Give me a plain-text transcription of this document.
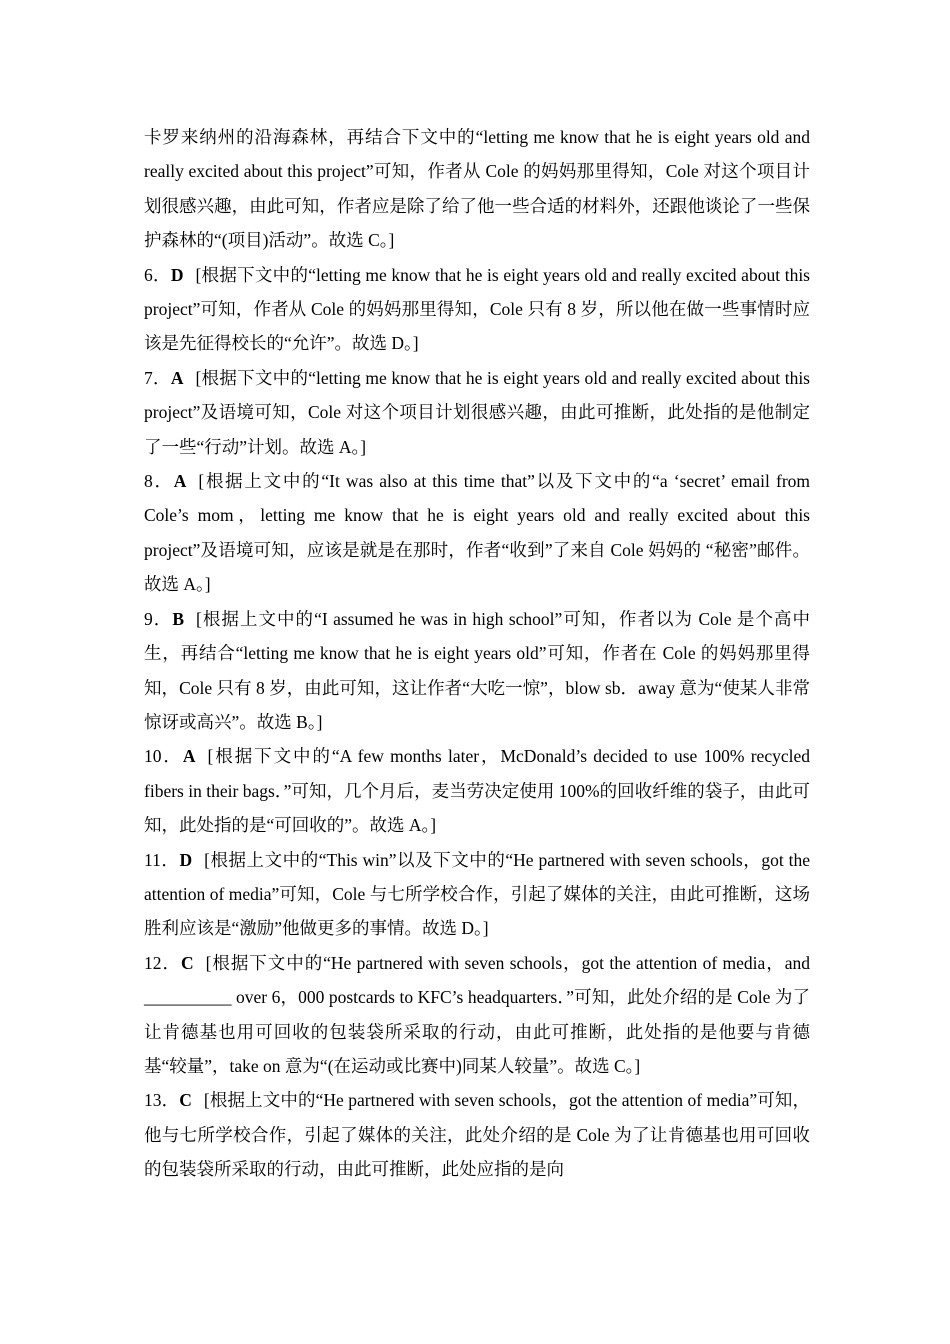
卡罗来纳州的沿海森林，再结合下文中的“letting me know that he is eight years old and really excited about this project”可知，作者从 Cole 的妈妈那里得知，Cole 对这个项目计划很感兴趣，由此可知，作者应是除了给了他一些合适的材料外，还跟他谈论了一些保护森林的“(项目)活动”。故选 C。]

6．D [根据下文中的“letting me know that he is eight years old and really excited about this project”可知，作者从 Cole 的妈妈那里得知，Cole 只有 8 岁，所以他在做一些事情时应该是先征得校长的“允许”。故选 D。]

7．A [根据下文中的“letting me know that he is eight years old and really excited about this project”及语境可知，Cole 对这个项目计划很感兴趣，由此可推断，此处指的是他制定了一些“行动”计划。故选 A。]

8．A [根据上文中的“It was also at this time that”以及下文中的“a ‘secret’ email from Cole’s mom，letting me know that he is eight years old and really excited about this project”及语境可知，应该是就是在那时，作者“收到”了来自 Cole 妈妈的 “秘密”邮件。故选 A。]

9．B [根据上文中的“I assumed he was in high school”可知，作者以为 Cole 是个高中生，再结合“letting me know that he is eight years old”可知，作者在 Cole 的妈妈那里得知，Cole 只有 8 岁，由此可知，这让作者“大吃一惊”，blow sb．away 意为“使某人非常惊讶或高兴”。故选 B。]

10．A [根据下文中的“A few months later，McDonald’s decided to use 100% recycled fibers in their bags．”可知，几个月后，麦当劳决定使用 100%的回收纤维的袋子，由此可知，此处指的是“可回收的”。故选 A。]

11．D [根据上文中的“This win”以及下文中的“He partnered with seven schools，got the attention of media”可知，Cole 与七所学校合作，引起了媒体的关注，由此可推断，这场胜利应该是“激励”他做更多的事情。故选 D。]

12．C [根据下文中的“He partnered with seven schools，got the attention of media，and __________ over 6，000 postcards to KFC’s headquarters．”可知，此处介绍的是 Cole 为了让肯德基也用可回收的包装袋所采取的行动，由此可推断，此处指的是他要与肯德基“较量”，take on 意为“(在运动或比赛中)同某人较量”。故选 C。]

13．C [根据上文中的“He partnered with seven schools，got the attention of media”可知，他与七所学校合作，引起了媒体的关注，此处介绍的是 Cole 为了让肯德基也用可回收的包装袋所采取的行动，由此可推断，此处应指的是向
